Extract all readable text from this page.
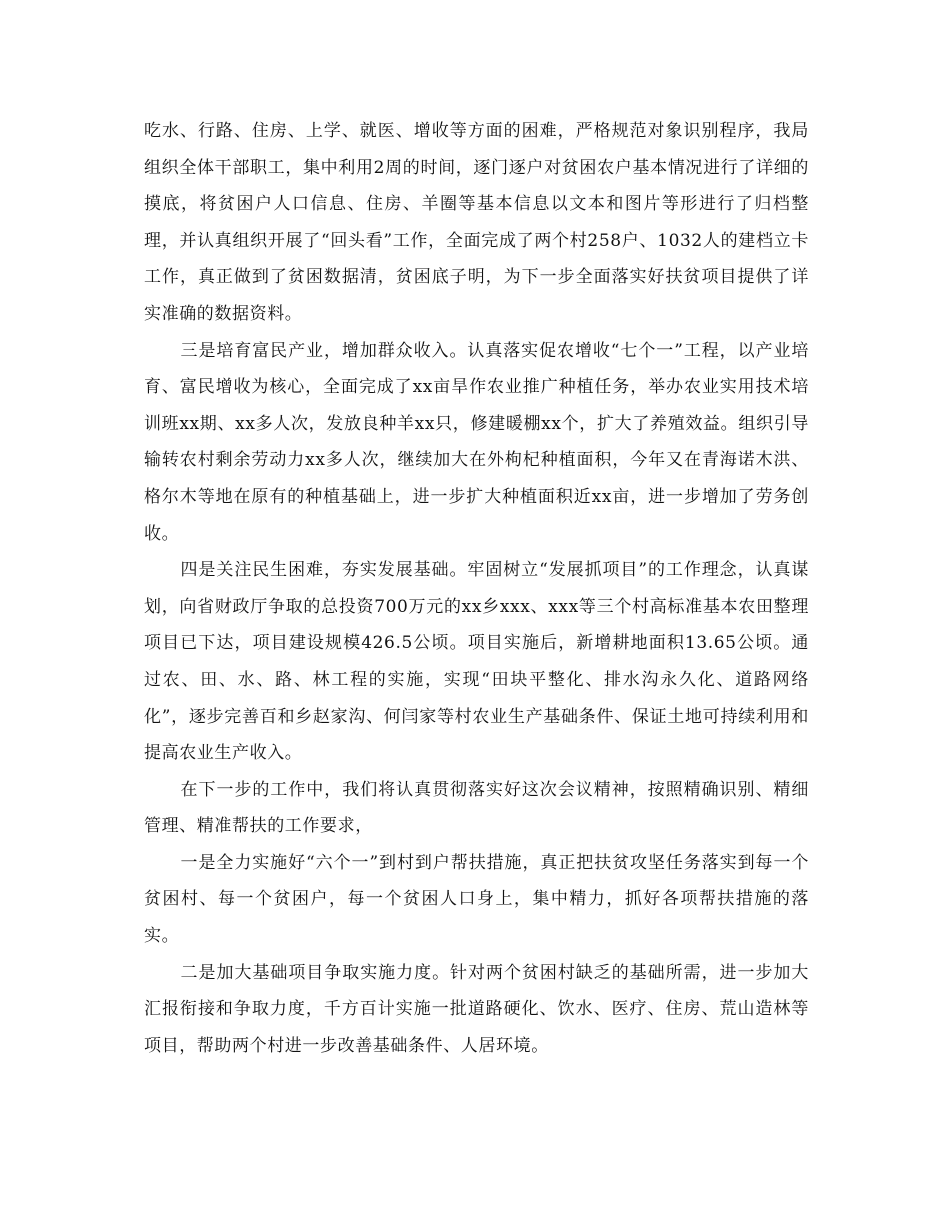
吃水、行路、住房、上学、就医、增收等方面的困难，严格规范对象识别程序，我局组织全体干部职工，集中利用2周的时间，逐门逐户对贫困农户基本情况进行了详细的摸底，将贫困户人口信息、住房、羊圈等基本信息以文本和图片等形进行了归档整理，并认真组织开展了“回头看”工作，全面完成了两个村258户、1032人的建档立卡工作，真正做到了贫困数据清，贫困底子明，为下一步全面落实好扶贫项目提供了详实准确的数据资料。

三是培育富民产业，增加群众收入。认真落实促农增收“七个一”工程，以产业培育、富民增收为核心，全面完成了xx亩旱作农业推广种植任务，举办农业实用技术培训班xx期、xx多人次，发放良种羊xx只，修建暖棚xx个，扩大了养殖效益。组织引导输转农村剩余劳动力xx多人次，继续加大在外枸杞种植面积，今年又在青海诺木洪、格尔木等地在原有的种植基础上，进一步扩大种植面积近xx亩，进一步增加了劳务创收。

四是关注民生困难，夯实发展基础。牢固树立“发展抓项目”的工作理念，认真谋划，向省财政厅争取的总投资700万元的xx乡xxx、xxx等三个村高标准基本农田整理项目已下达，项目建设规模426.5公顷。项目实施后，新增耕地面积13.65公顷。通过农、田、水、路、林工程的实施，实现“田块平整化、排水沟永久化、道路网络化”，逐步完善百和乡赵家沟、何闫家等村农业生产基础条件、保证土地可持续利用和提高农业生产收入。

在下一步的工作中，我们将认真贯彻落实好这次会议精神，按照精确识别、精细管理、精准帮扶的工作要求，

一是全力实施好“六个一”到村到户帮扶措施，真正把扶贫攻坚任务落实到每一个贫困村、每一个贫困户，每一个贫困人口身上，集中精力，抓好各项帮扶措施的落实。

二是加大基础项目争取实施力度。针对两个贫困村缺乏的基础所需，进一步加大汇报衔接和争取力度，千方百计实施一批道路硬化、饮水、医疗、住房、荒山造林等项目，帮助两个村进一步改善基础条件、人居环境。
